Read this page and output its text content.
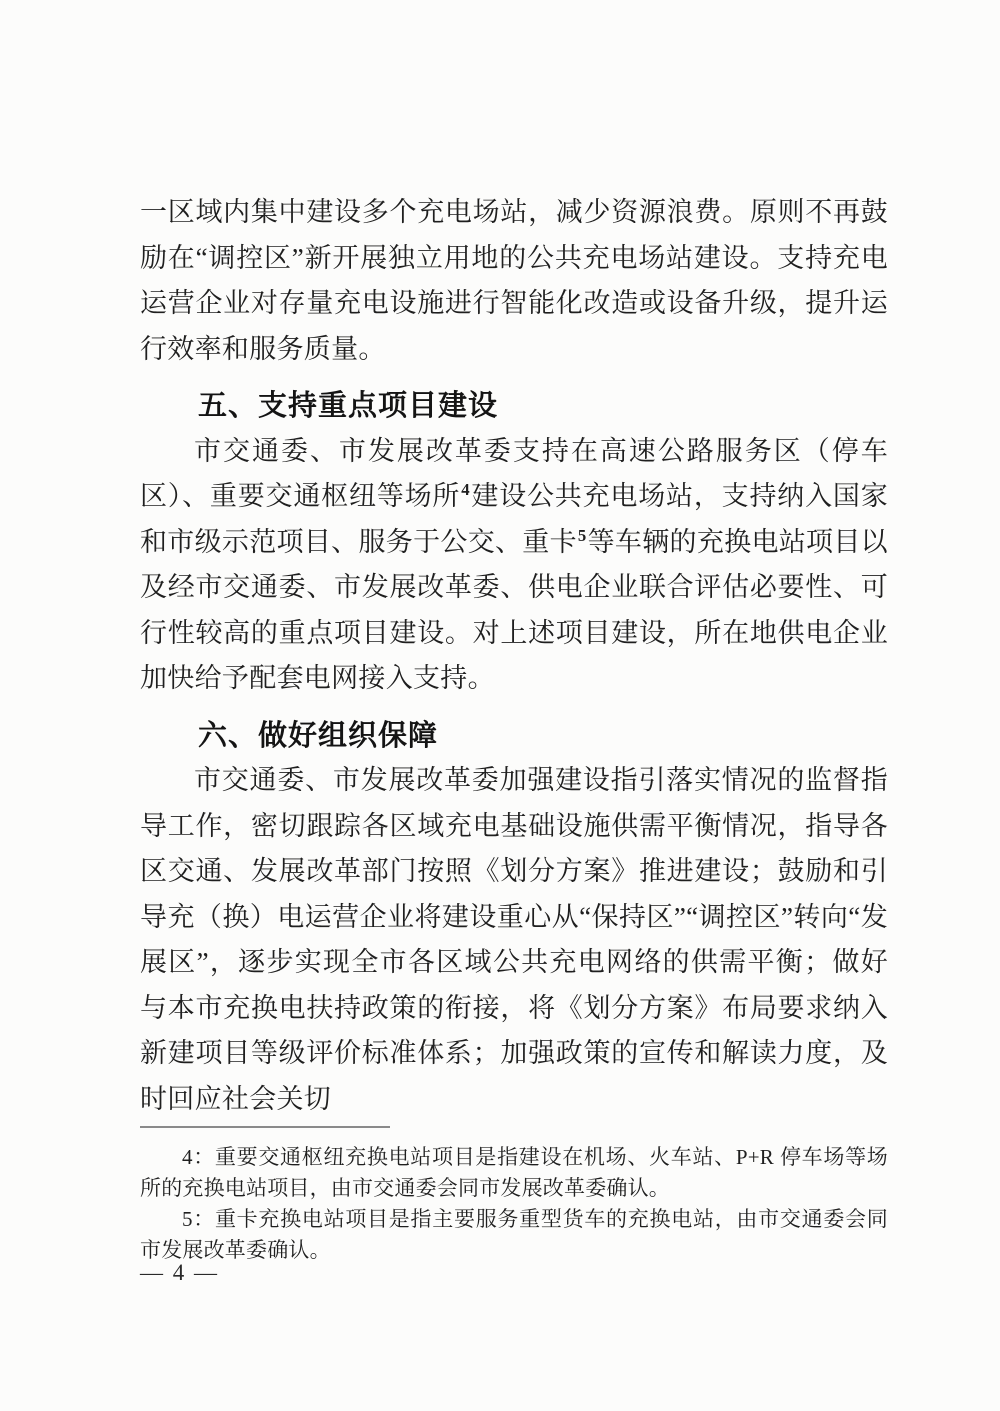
一区域内集中建设多个充电场站，减少资源浪费。原则不再鼓励在“调控区”新开展独立用地的公共充电场站建设。支持充电运营企业对存量充电设施进行智能化改造或设备升级，提升运行效率和服务质量。

五、支持重点项目建设

市交通委、市发展改革委支持在高速公路服务区（停车区）、重要交通枢纽等场所$^4$建设公共充电场站，支持纳入国家和市级示范项目、服务于公交、重卡$^5$等车辆的充换电站项目以及经市交通委、市发展改革委、供电企业联合评估必要性、可行性较高的重点项目建设。对上述项目建设，所在地供电企业加快给予配套电网接入支持。

六、做好组织保障

市交通委、市发展改革委加强建设指引落实情况的监督指导工作，密切跟踪各区域充电基础设施供需平衡情况，指导各区交通、发展改革部门按照《划分方案》推进建设；鼓励和引导充（换）电运营企业将建设重心从“保持区”“调控区”转向“发展区”，逐步实现全市各区域公共充电网络的供需平衡；做好与本市充换电扶持政策的衔接，将《划分方案》布局要求纳入新建项目等级评价标准体系；加强政策的宣传和解读力度，及时回应社会关切

4：重要交通枢纽充换电站项目是指建设在机场、火车站、P+R 停车场等场所的充换电站项目，由市交通委会同市发展改革委确认。

5：重卡充换电站项目是指主要服务重型货车的充换电站，由市交通委会同市发展改革委确认。

— 4 —
